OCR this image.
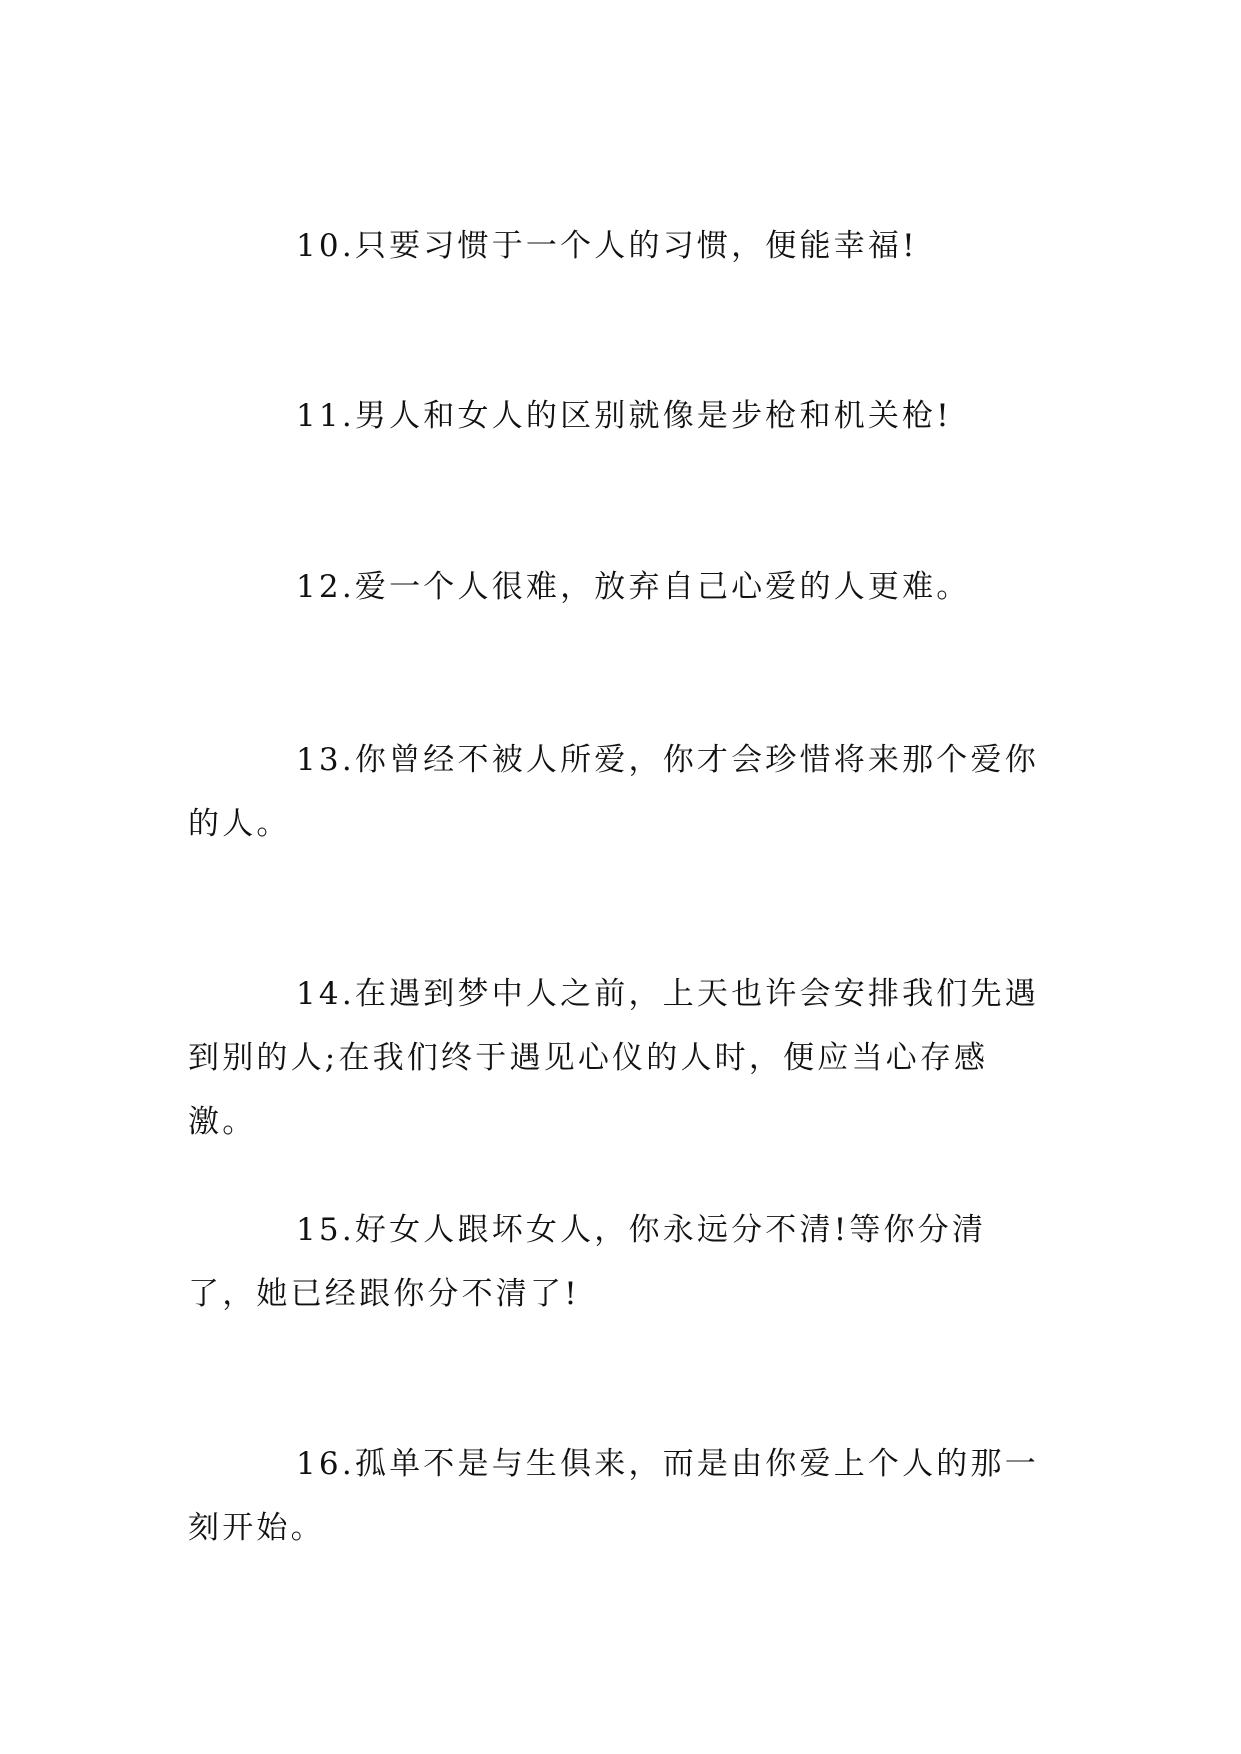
10.只要习惯于一个人的习惯，便能幸福!

11.男人和女人的区别就像是步枪和机关枪!

12.爱一个人很难，放弃自己心爱的人更难。

13.你曾经不被人所爱，你才会珍惜将来那个爱你的人。

14.在遇到梦中人之前，上天也许会安排我们先遇到别的人;在我们终于遇见心仪的人时，便应当心存感激。

15.好女人跟坏女人，你永远分不清!等你分清了，她已经跟你分不清了!

16.孤单不是与生俱来，而是由你爱上个人的那一刻开始。
